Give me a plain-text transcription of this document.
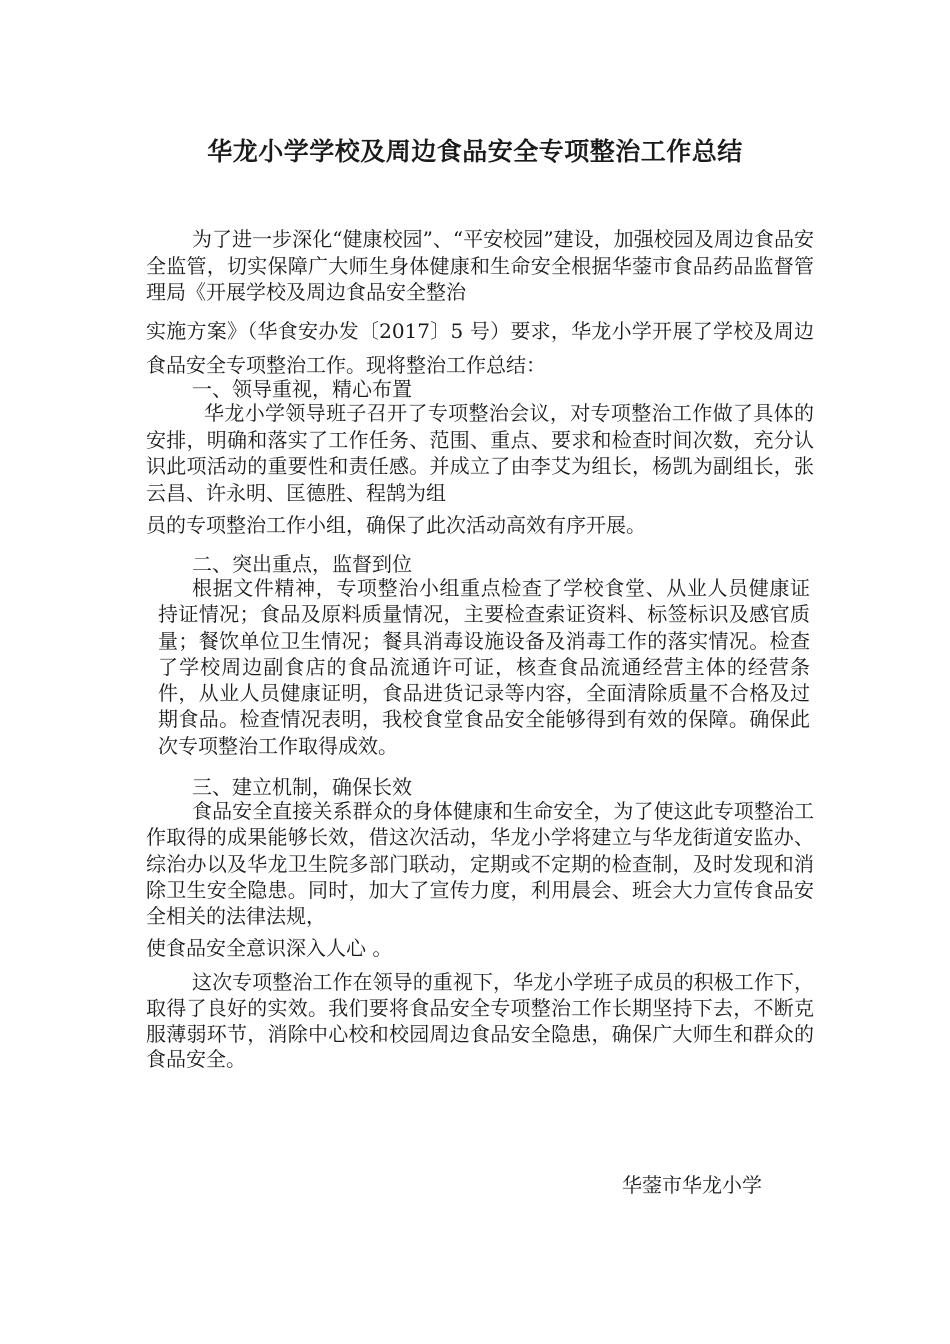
华龙小学学校及周边食品安全专项整治工作总结

为了进一步深化“健康校园”、“平安校园”建设，加强校园及周边食品安全监管，切实保障广大师生身体健康和生命安全根据华蓥市食品药品监督管理局《开展学校及周边食品安全整治

实施方案》（华食安办发〔2017〕5 号）要求，华龙小学开展了学校及周边食品安全专项整治工作。现将整治工作总结：

一、领导重视，精心布置

华龙小学领导班子召开了专项整治会议，对专项整治工作做了具体的安排，明确和落实了工作任务、范围、重点、要求和检查时间次数，充分认识此项活动的重要性和责任感。并成立了由李艾为组长，杨凯为副组长，张云昌、许永明、匡德胜、程鹄为组

员的专项整治工作小组，确保了此次活动高效有序开展。

二、突出重点，监督到位

根据文件精神，专项整治小组重点检查了学校食堂、从业人员健康证持证情况；食品及原料质量情况，主要检查索证资料、标签标识及感官质量；餐饮单位卫生情况；餐具消毒设施设备及消毒工作的落实情况。检查了学校周边副食店的食品流通许可证，核查食品流通经营主体的经营条件，从业人员健康证明，食品进货记录等内容，全面清除质量不合格及过期食品。检查情况表明，我校食堂食品安全能够得到有效的保障。确保此次专项整治工作取得成效。

三、建立机制，确保长效

食品安全直接关系群众的身体健康和生命安全，为了使这此专项整治工作取得的成果能够长效，借这次活动，华龙小学将建立与华龙街道安监办、综治办以及华龙卫生院多部门联动，定期或不定期的检查制，及时发现和消除卫生安全隐患。同时，加大了宣传力度，利用晨会、班会大力宣传食品安全相关的法律法规，

使食品安全意识深入人心 。

这次专项整治工作在领导的重视下，华龙小学班子成员的积极工作下，取得了良好的实效。我们要将食品安全专项整治工作长期坚持下去，不断克服薄弱环节，消除中心校和校园周边食品安全隐患，确保广大师生和群众的食品安全。

华蓥市华龙小学
